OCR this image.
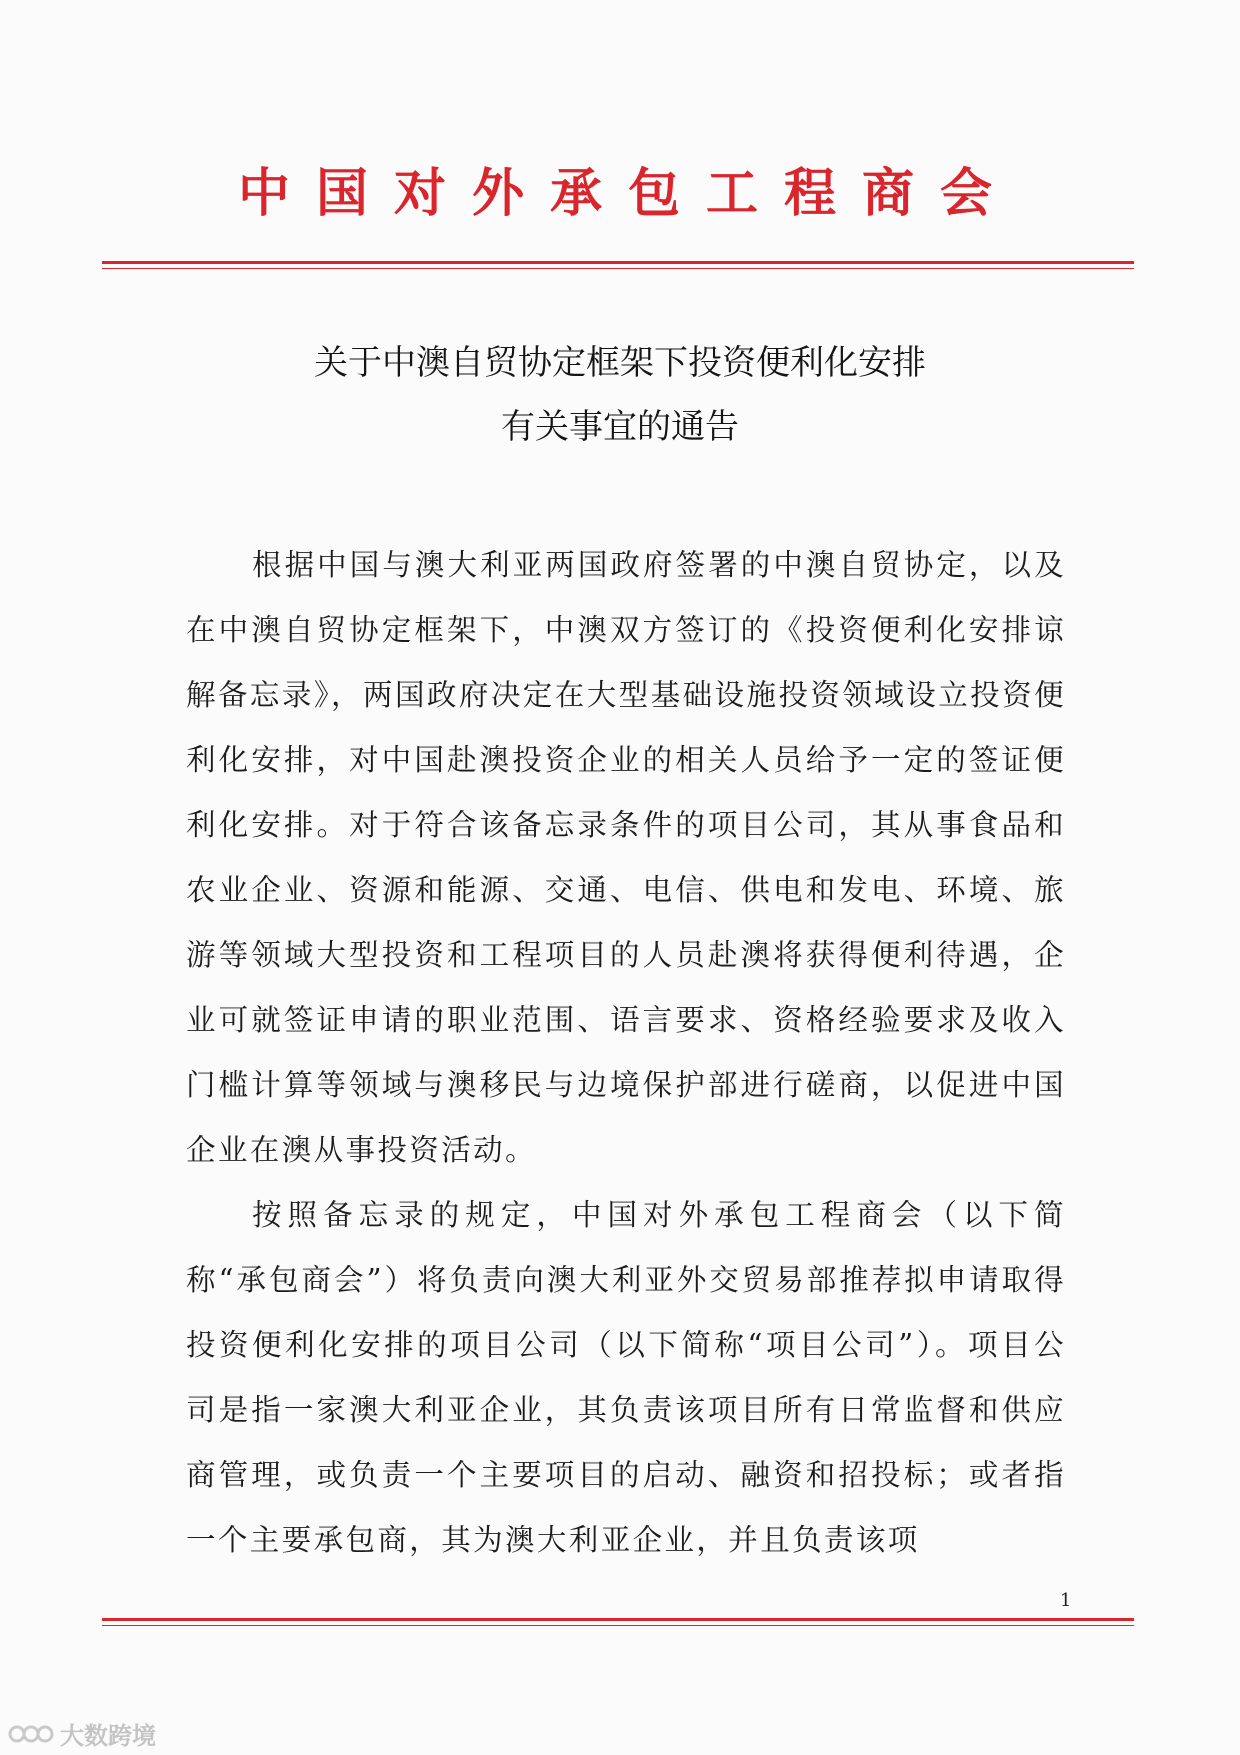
中国对外承包工程商会
关于中澳自贸协定框架下投资便利化安排
有关事宜的通告

根据中国与澳大利亚两国政府签署的中澳自贸协定，以及在中澳自贸协定框架下，中澳双方签订的《投资便利化安排谅解备忘录》，两国政府决定在大型基础设施投资领域设立投资便利化安排，对中国赴澳投资企业的相关人员给予一定的签证便利化安排。对于符合该备忘录条件的项目公司，其从事食品和农业企业、资源和能源、交通、电信、供电和发电、环境、旅游等领域大型投资和工程项目的人员赴澳将获得便利待遇，企业可就签证申请的职业范围、语言要求、资格经验要求及收入门槛计算等领域与澳移民与边境保护部进行磋商，以促进中国企业在澳从事投资活动。

按照备忘录的规定，中国对外承包工程商会（以下简称“承包商会”）将负责向澳大利亚外交贸易部推荐拟申请取得投资便利化安排的项目公司（以下简称“项目公司”）。项目公司是指一家澳大利亚企业，其负责该项目所有日常监督和供应商管理，或负责一个主要项目的启动、融资和招投标；或者指一个主要承包商，其为澳大利亚企业，并且负责该项

1
大数跨境
